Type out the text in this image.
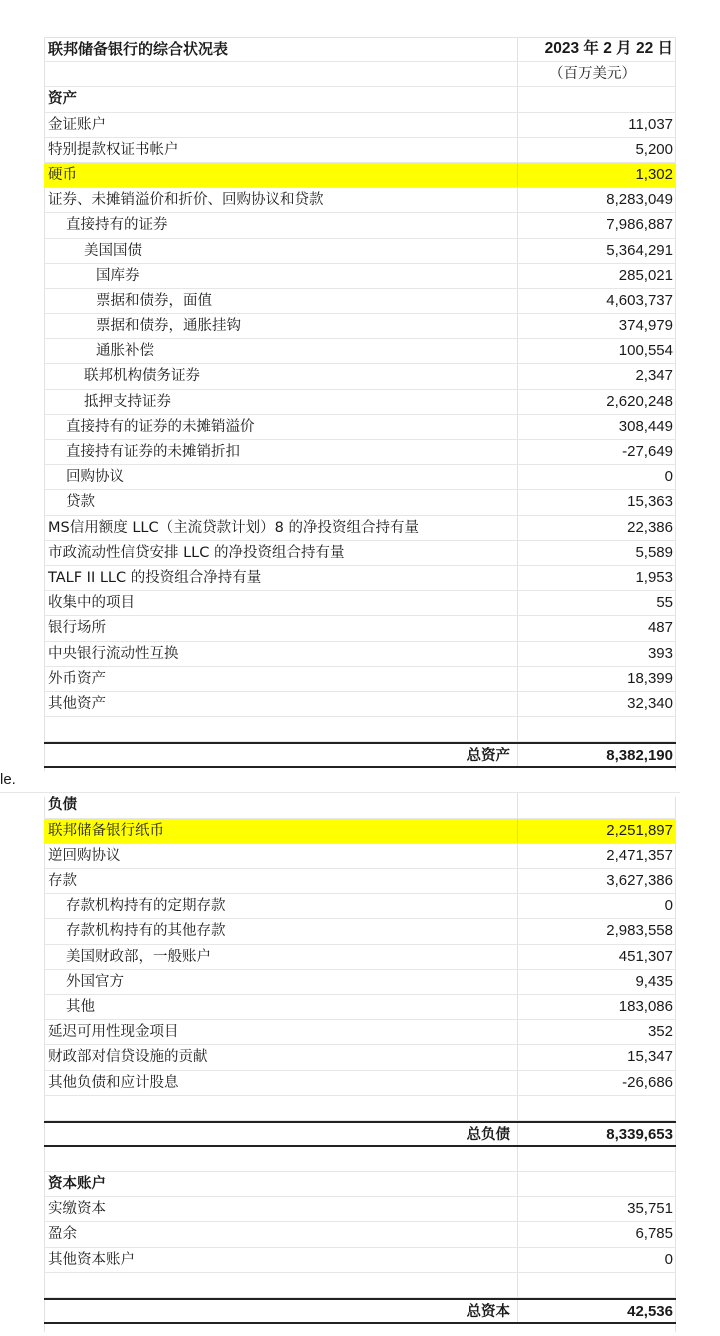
联邦储备银行的综合状况表	2023 年 2 月 22 日
（百万美元）
资产
金证账户	11,037
特别提款权证书帐户	5,200
硬币	1,302
证券、未摊销溢价和折价、回购协议和贷款	8,283,049
直接持有的证券	7,986,887
美国国债	5,364,291
国库券	285,021
票据和债券，面值	4,603,737
票据和债券，通胀挂钩	374,979
通胀补偿	100,554
联邦机构债务证券	2,347
抵押支持证券	2,620,248
直接持有的证券的未摊销溢价	308,449
直接持有证券的未摊销折扣	-27,649
回购协议	0
贷款	15,363
MS信用额度 LLC（主流贷款计划）8 的净投资组合持有量	22,386
市政流动性信贷安排 LLC 的净投资组合持有量	5,589
TALF II LLC 的投资组合净持有量	1,953
收集中的项目	55
银行场所	487
中央银行流动性互换	393
外币资产	18,399
其他资产	32,340
总资产	8,382,190
le.
负债
联邦储备银行纸币	2,251,897
逆回购协议	2,471,357
存款	3,627,386
存款机构持有的定期存款	0
存款机构持有的其他存款	2,983,558
美国财政部，一般账户	451,307
外国官方	9,435
其他	183,086
延迟可用性现金项目	352
财政部对信贷设施的贡献	15,347
其他负债和应计股息	-26,686
总负债	8,339,653
资本账户
实缴资本	35,751
盈余	6,785
其他资本账户	0
总资本	42,536
